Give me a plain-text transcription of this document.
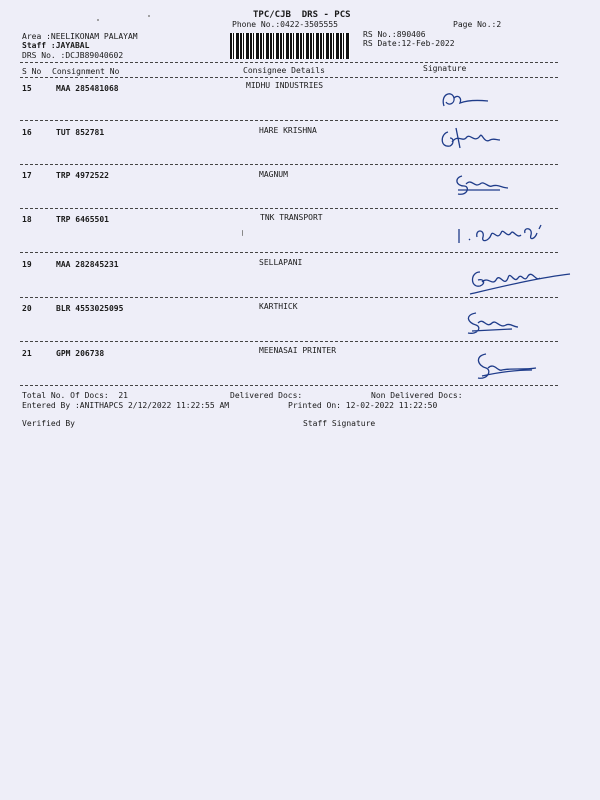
TPC/CJB  DRS - PCS
Phone No.:0422-3505555	Page No.:2
Area :NEELIKONAM PALAYAM
Staff :JAYABAL
DRS No. :DCJB89040602
RS No.:890406
RS Date:12-Feb-2022
S No Consignment No	Consignee Details	Signature
15	MAA 285481068	MIDHU INDUSTRIES
16	TUT 852781	HARE KRISHNA
17	TRP 4972522	MAGNUM
18	TRP 6465501	TNK TRANSPORT
19	MAA 282845231	SELLAPANI
20	BLR 4553025095	KARTHICK
21	GPM 206738	MEENASAI PRINTER
Total No. Of Docs:  21	Delivered Docs:	Non Delivered Docs:
Entered By :ANITHAPCS 2/12/2022 11:22:55 AM	Printed On: 12-02-2022 11:22:50
Verified By	Staff Signature
